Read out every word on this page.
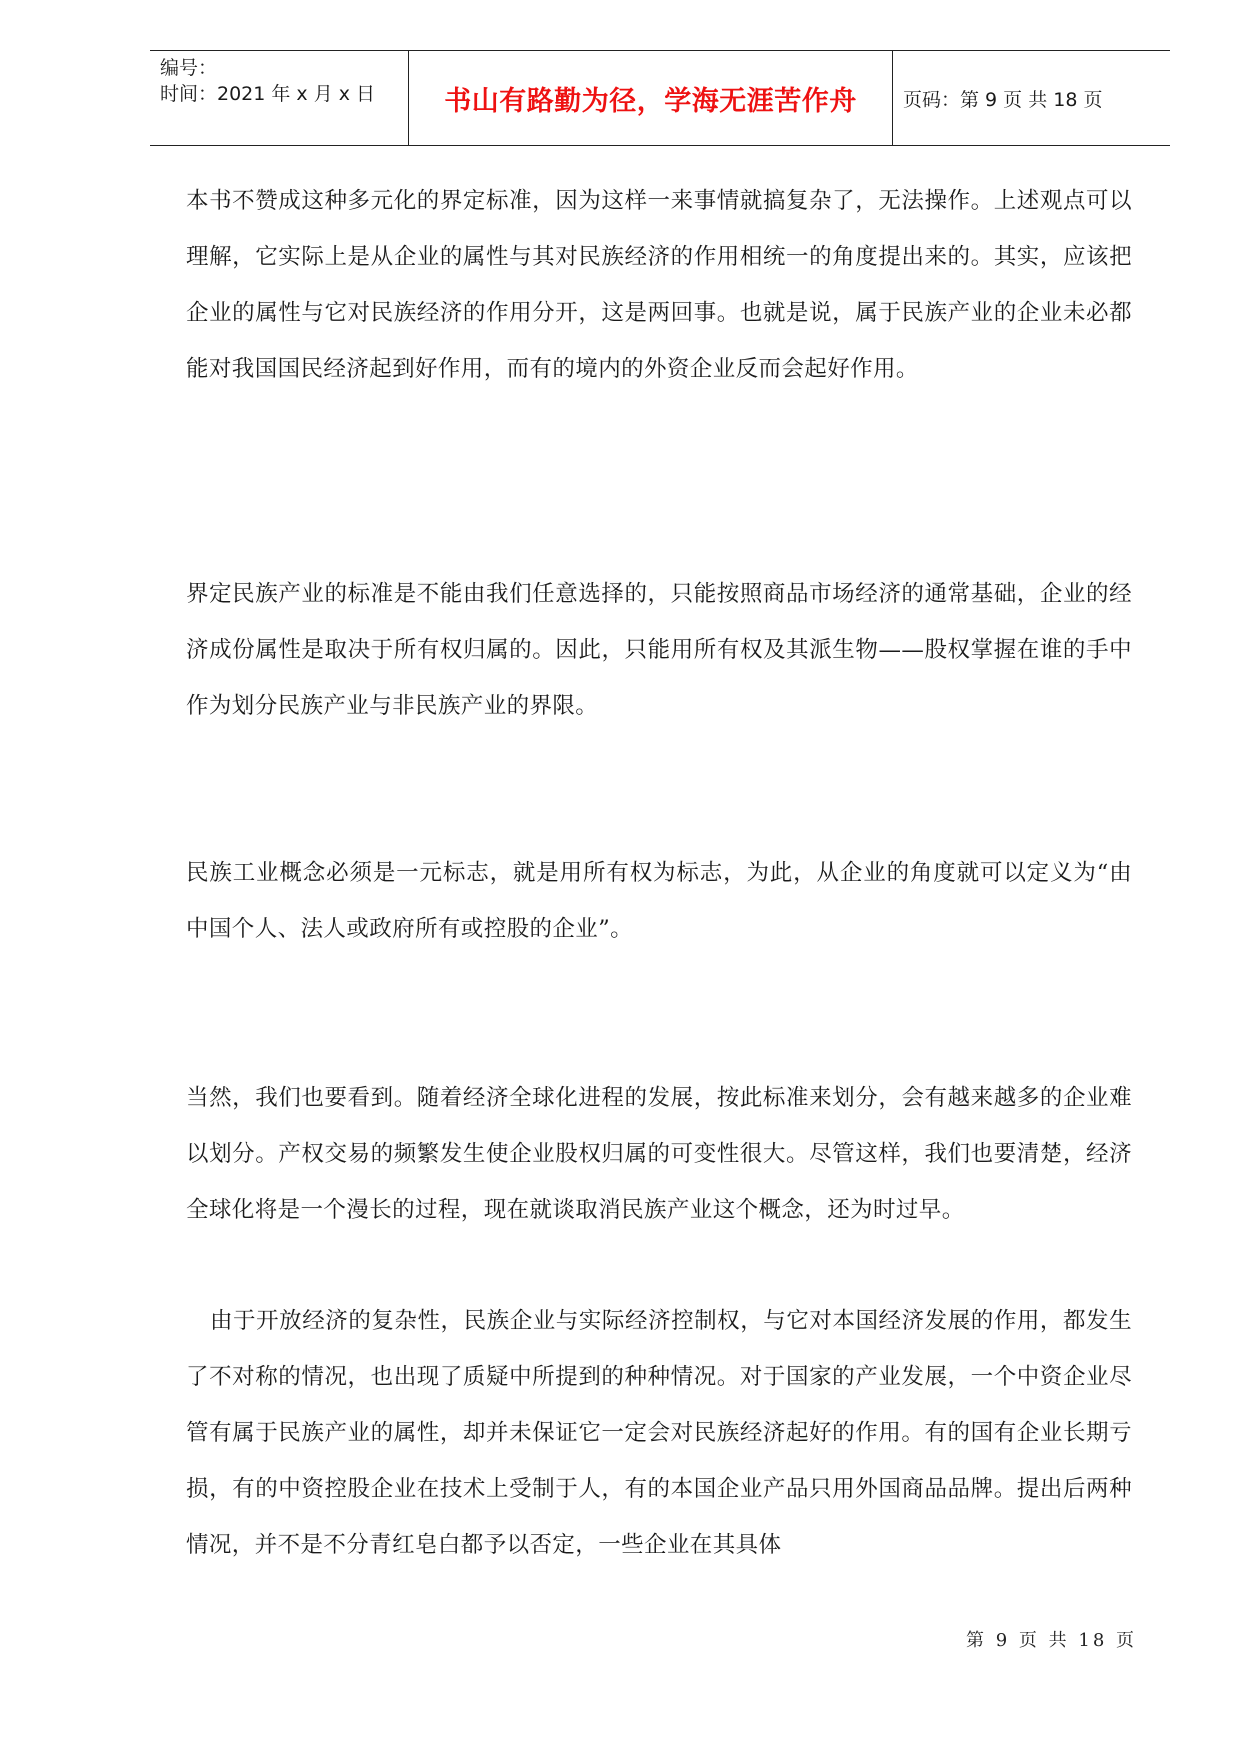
编号：
时间：2021 年 x 月 x 日	书山有路勤为径，学海无涯苦作舟	页码：第 9 页 共 18 页

本书不赞成这种多元化的界定标准，因为这样一来事情就搞复杂了，无法操作。上述观点可以理解，它实际上是从企业的属性与其对民族经济的作用相统一的角度提出来的。其实，应该把企业的属性与它对民族经济的作用分开，这是两回事。也就是说，属于民族产业的企业未必都能对我国国民经济起到好作用，而有的境内的外资企业反而会起好作用。

界定民族产业的标准是不能由我们任意选择的，只能按照商品市场经济的通常基础，企业的经济成份属性是取决于所有权归属的。因此，只能用所有权及其派生物——股权掌握在谁的手中作为划分民族产业与非民族产业的界限。

民族工业概念必须是一元标志，就是用所有权为标志，为此，从企业的角度就可以定义为“由中国个人、法人或政府所有或控股的企业”。

当然，我们也要看到。随着经济全球化进程的发展，按此标准来划分，会有越来越多的企业难以划分。产权交易的频繁发生使企业股权归属的可变性很大。尽管这样，我们也要清楚，经济全球化将是一个漫长的过程，现在就谈取消民族产业这个概念，还为时过早。

由于开放经济的复杂性，民族企业与实际经济控制权，与它对本国经济发展的作用，都发生了不对称的情况，也出现了质疑中所提到的种种情况。对于国家的产业发展，一个中资企业尽管有属于民族产业的属性，却并未保证它一定会对民族经济起好的作用。有的国有企业长期亏损，有的中资控股企业在技术上受制于人，有的本国企业产品只用外国商品品牌。提出后两种情况，并不是不分青红皂白都予以否定，一些企业在其具体

第 9 页 共 18 页
